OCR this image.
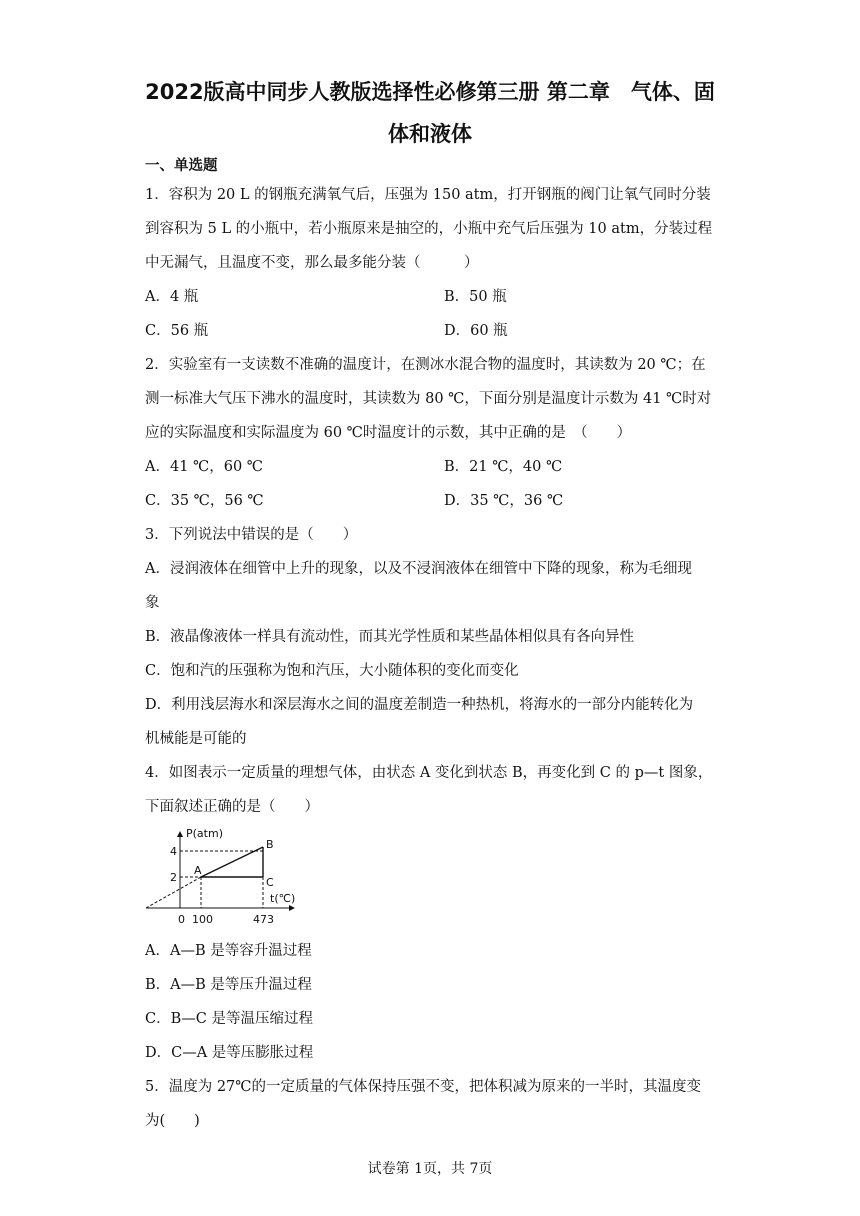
2022版高中同步人教版选择性必修第三册 第二章　气体、固
体和液体
一、单选题
1．容积为 20 L 的钢瓶充满氧气后，压强为 150 atm，打开钢瓶的阀门让氧气同时分装
到容积为 5 L 的小瓶中，若小瓶原来是抽空的，小瓶中充气后压强为 10 atm，分装过程
中无漏气，且温度不变，那么最多能分装（　　　）
A．4 瓶	B．50 瓶
C．56 瓶	D．60 瓶
2．实验室有一支读数不准确的温度计，在测冰水混合物的温度时，其读数为 20 ℃；在
测一标准大气压下沸水的温度时，其读数为 80 ℃，下面分别是温度计示数为 41 ℃时对
应的实际温度和实际温度为 60 ℃时温度计的示数，其中正确的是　（　　）
A．41 ℃，60 ℃	B．21 ℃，40 ℃
C．35 ℃，56 ℃	D．35 ℃，36 ℃
3．下列说法中错误的是（　　）
A．浸润液体在细管中上升的现象，以及不浸润液体在细管中下降的现象，称为毛细现
象
B．液晶像液体一样具有流动性，而其光学性质和某些晶体相似具有各向异性
C．饱和汽的压强称为饱和汽压，大小随体积的变化而变化
D．利用浅层海水和深层海水之间的温度差制造一种热机，将海水的一部分内能转化为
机械能是可能的
4．如图表示一定质量的理想气体，由状态 A 变化到状态 B，再变化到 C 的 p—t 图象，
下面叙述正确的是（　　）
P(atm)
4
2
A
B
C
t(℃)
0 100	473
A．A—B 是等容升温过程
B．A—B 是等压升温过程
C．B—C 是等温压缩过程
D．C—A 是等压膨胀过程
5．温度为 27℃的一定质量的气体保持压强不变，把体积减为原来的一半时，其温度变
为(　　)
试卷第 1页，共 7页
